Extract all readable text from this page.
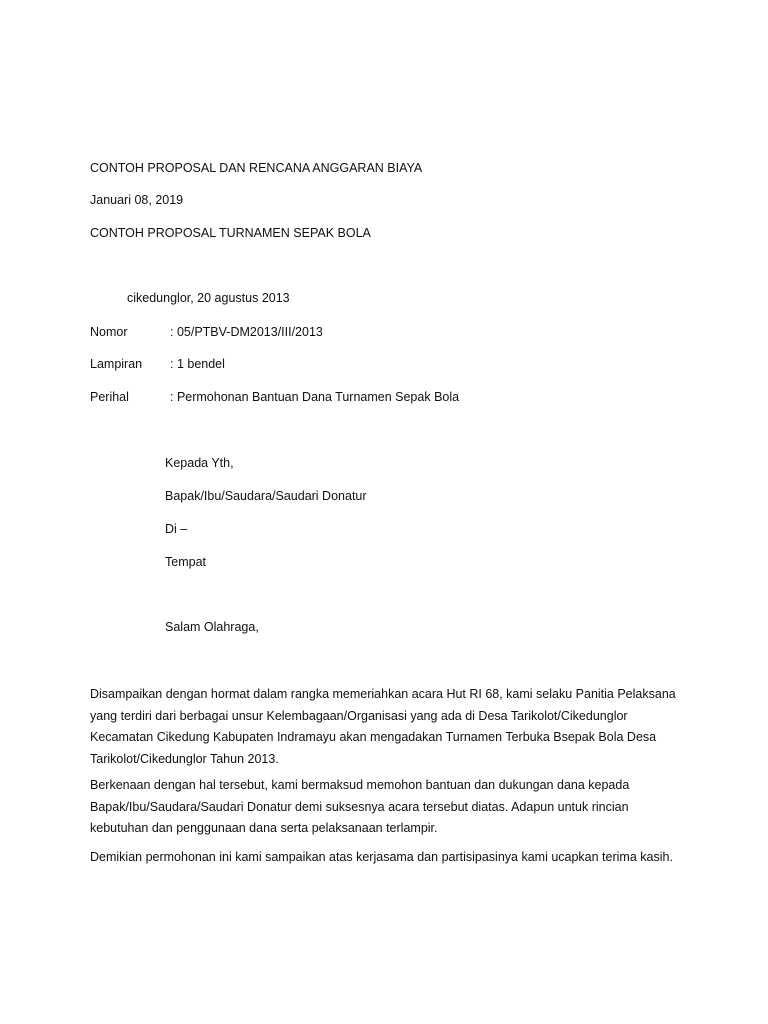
CONTOH PROPOSAL DAN RENCANA ANGGARAN BIAYA
Januari 08, 2019
CONTOH PROPOSAL TURNAMEN SEPAK BOLA
cikedunglor, 20 agustus 2013
Nomor	: 05/PTBV-DM2013/III/2013
Lampiran : 1 bendel
Perihal	: Permohonan Bantuan Dana Turnamen Sepak Bola
Kepada Yth,
Bapak/Ibu/Saudara/Saudari Donatur
Di –
Tempat
Salam Olahraga,
Disampaikan dengan hormat dalam rangka memeriahkan acara Hut RI 68, kami selaku Panitia Pelaksana yang terdiri dari berbagai unsur Kelembagaan/Organisasi yang ada di Desa Tarikolot/Cikedunglor Kecamatan Cikedung Kabupaten Indramayu akan mengadakan Turnamen Terbuka Bsepak Bola Desa Tarikolot/Cikedunglor Tahun 2013.
Berkenaan dengan hal tersebut, kami bermaksud memohon bantuan dan dukungan dana kepada Bapak/Ibu/Saudara/Saudari Donatur demi suksesnya acara tersebut diatas. Adapun untuk rincian kebutuhan dan penggunaan dana serta pelaksanaan terlampir.
Demikian permohonan ini kami sampaikan atas kerjasama dan partisipasinya kami ucapkan terima kasih.
